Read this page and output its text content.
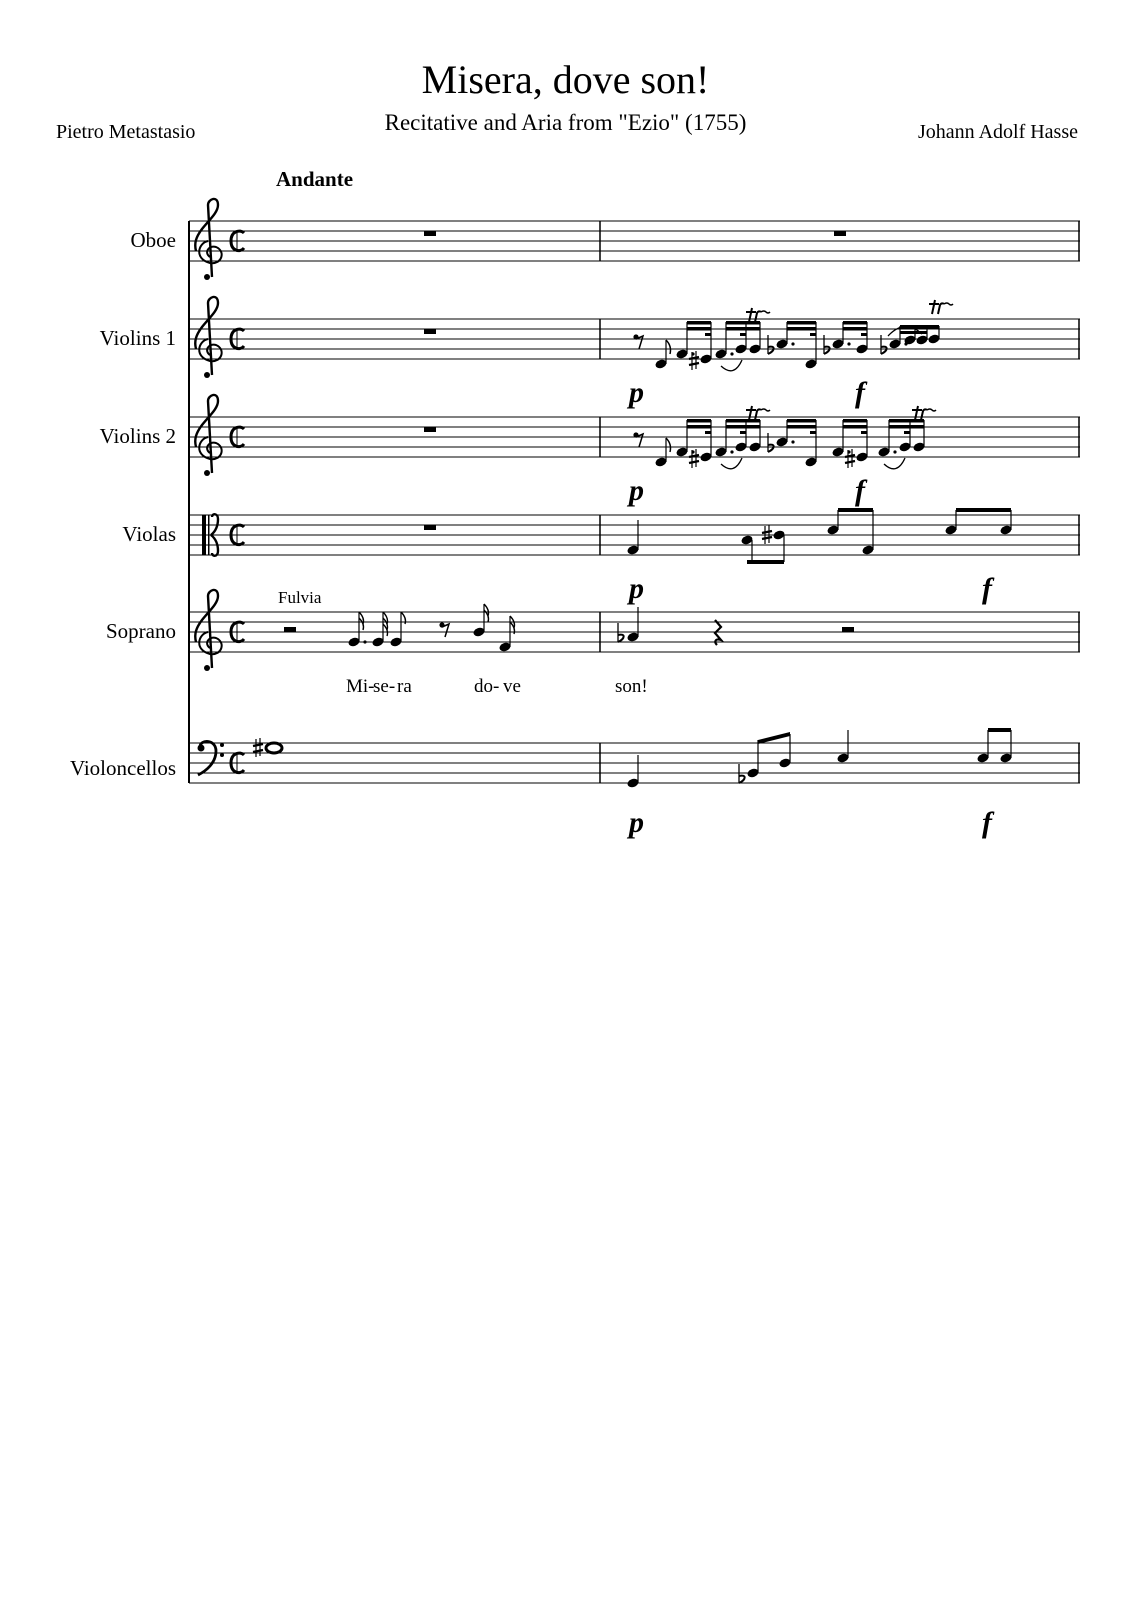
Misera, dove son!
Recitative and Aria from "Ezio" (1755)
Pietro Metastasio	Johann Adolf Hasse
Andante
Oboe
Violins 1
Violins 2
Violas
Soprano
Violoncellos
Fulvia
Mi-
se- ra	do- ve	son!
p	f
p	f
p	f
p	f
